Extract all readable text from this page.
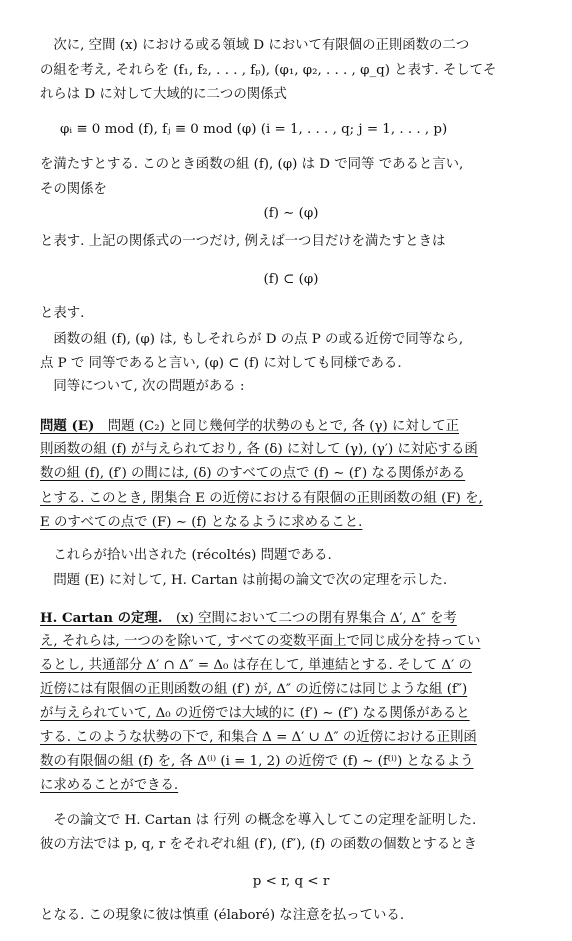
　次に, 空間 (x) における或る領域 D において有限個の正則函数の二つ
の組を考え, それらを (f₁, f₂, . . . , fₚ), (φ₁, φ₂, . . . , φ_q) と表す. そしてそ
れらは D に対して大域的に二つの関係式
φᵢ ≡ 0 mod (f), fⱼ ≡ 0 mod (φ) (i = 1, . . . , q; j = 1, . . . , p)
を満たすとする. このとき函数の組 (f), (φ) は D で同等 であると言い,
その関係を
(f) ∼ (φ)
と表す. 上記の関係式の一つだけ, 例えば一つ目だけを満たすときは
(f) ⊂ (φ)
と表す.
　函数の組 (f), (φ) は, もしそれらが D の点 P の或る近傍で同等なら,
点 P で 同等であると言い, (φ) ⊂ (f) に対しても同様である.
　同等について, 次の問題がある :
問題 (E)　問題 (C₂) と同じ幾何学的状勢のもとで, 各 (γ) に対して正
則函数の組 (f) が与えられており, 各 (δ) に対して (γ), (γ′) に対応する函
数の組 (f), (f′) の間には, (δ) のすべての点で (f) ∼ (f′) なる関係がある
とする. このとき, 閉集合 E の近傍における有限個の正則函数の組 (F) を,
E のすべての点で (F) ∼ (f) となるように求めること.
　これらが拾い出された (récoltés) 問題である.
　問題 (E) に対して, H. Cartan は前掲の論文で次の定理を示した.
H. Cartan の定理.　(x) 空間において二つの閉有界集合 Δ′, Δ″ を考
え, それらは, 一つのを除いて, すべての変数平面上で同じ成分を持ってい
るとし, 共通部分 Δ′ ∩ Δ″ = Δ₀ は存在して, 単連結とする. そして Δ′ の
近傍には有限個の正則函数の組 (f′) が, Δ″ の近傍には同じような組 (f″)
が与えられていて, Δ₀ の近傍では大域的に (f′) ∼ (f″) なる関係があると
する. このような状勢の下で, 和集合 Δ = Δ′ ∪ Δ″ の近傍における正則函
数の有限個の組 (f) を, 各 Δ⁽ⁱ⁾ (i = 1, 2) の近傍で (f) ∼ (f⁽ⁱ⁾) となるよう
に求めることができる.
　その論文で H. Cartan は 行列 の概念を導入してこの定理を証明した.
彼の方法では p, q, r をそれぞれ組 (f′), (f″), (f) の函数の個数とするとき
p < r, q < r
となる. この現象に彼は慎重 (élaboré) な注意を払っている.
